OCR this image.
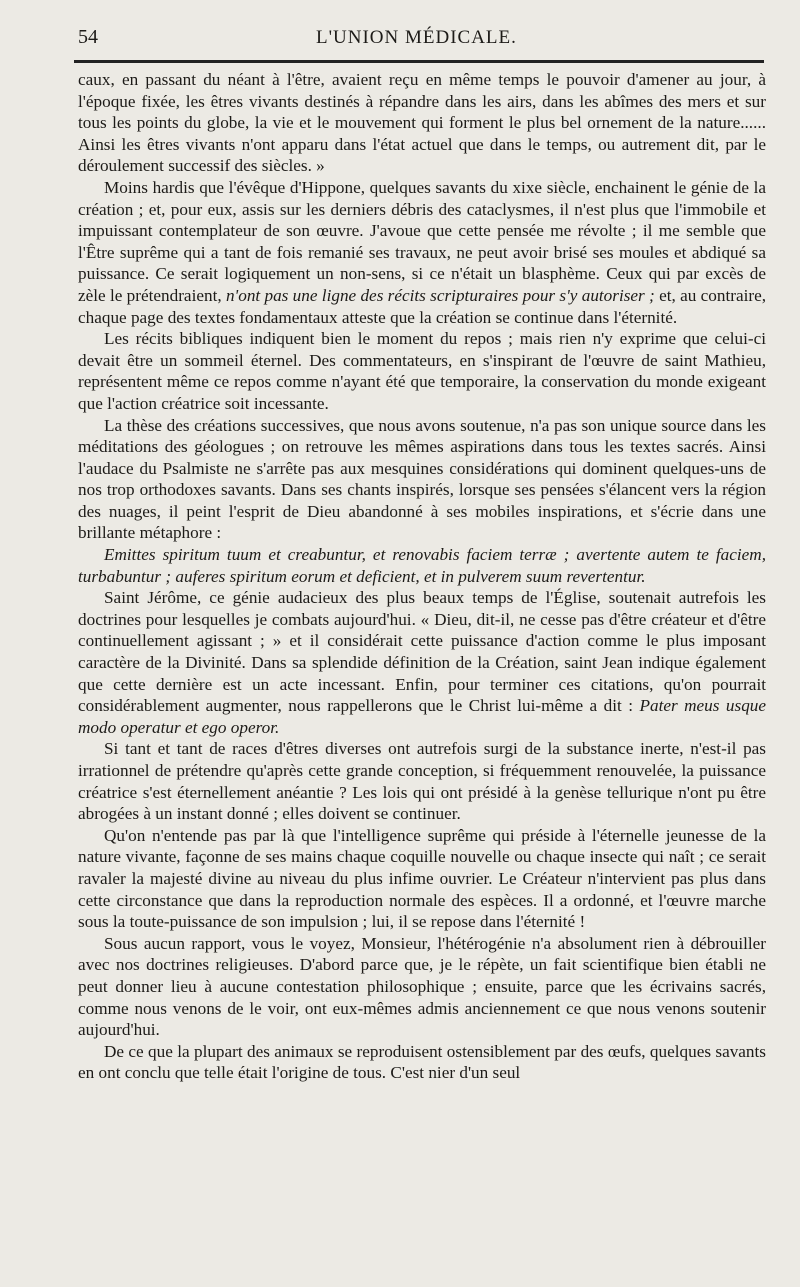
54	L'UNION MÉDICALE.

caux, en passant du néant à l'être, avaient reçu en même temps le pouvoir d'amener au jour, à l'époque fixée, les êtres vivants destinés à répandre dans les airs, dans les abîmes des mers et sur tous les points du globe, la vie et le mouvement qui forment le plus bel ornement de la nature...... Ainsi les êtres vivants n'ont apparu dans l'état actuel que dans le temps, ou autrement dit, par le déroulement successif des siècles. »

Moins hardis que l'évêque d'Hippone, quelques savants du xixe siècle, enchainent le génie de la création ; et, pour eux, assis sur les derniers débris des cataclysmes, il n'est plus que l'immobile et impuissant contemplateur de son œuvre. J'avoue que cette pensée me révolte ; il me semble que l'Être suprême qui a tant de fois remanié ses travaux, ne peut avoir brisé ses moules et abdiqué sa puissance. Ce serait logiquement un non-sens, si ce n'était un blasphème. Ceux qui par excès de zèle le prétendraient, n'ont pas une ligne des récits scripturaires pour s'y autoriser ; et, au contraire, chaque page des textes fondamentaux atteste que la création se continue dans l'éternité.

Les récits bibliques indiquent bien le moment du repos ; mais rien n'y exprime que celui-ci devait être un sommeil éternel. Des commentateurs, en s'inspirant de l'œuvre de saint Mathieu, représentent même ce repos comme n'ayant été que temporaire, la conservation du monde exigeant que l'action créatrice soit incessante.

La thèse des créations successives, que nous avons soutenue, n'a pas son unique source dans les méditations des géologues ; on retrouve les mêmes aspirations dans tous les textes sacrés. Ainsi l'audace du Psalmiste ne s'arrête pas aux mesquines considérations qui dominent quelques-uns de nos trop orthodoxes savants. Dans ses chants inspirés, lorsque ses pensées s'élancent vers la région des nuages, il peint l'esprit de Dieu abandonné à ses mobiles inspirations, et s'écrie dans une brillante métaphore :

Emittes spiritum tuum et creabuntur, et renovabis faciem terræ ; avertente autem te faciem, turbabuntur ; auferes spiritum eorum et deficient, et in pulverem suum revertentur.

Saint Jérôme, ce génie audacieux des plus beaux temps de l'Église, soutenait autrefois les doctrines pour lesquelles je combats aujourd'hui. « Dieu, dit-il, ne cesse pas d'être créateur et d'être continuellement agissant ; » et il considérait cette puissance d'action comme le plus imposant caractère de la Divinité. Dans sa splendide définition de la Création, saint Jean indique également que cette dernière est un acte incessant. Enfin, pour terminer ces citations, qu'on pourrait considérablement augmenter, nous rappellerons que le Christ lui-même a dit : Pater meus usque modo operatur et ego operor.

Si tant et tant de races d'êtres diverses ont autrefois surgi de la substance inerte, n'est-il pas irrationnel de prétendre qu'après cette grande conception, si fréquemment renouvelée, la puissance créatrice s'est éternellement anéantie ? Les lois qui ont présidé à la genèse tellurique n'ont pu être abrogées à un instant donné ; elles doivent se continuer.

Qu'on n'entende pas par là que l'intelligence suprême qui préside à l'éternelle jeunesse de la nature vivante, façonne de ses mains chaque coquille nouvelle ou chaque insecte qui naît ; ce serait ravaler la majesté divine au niveau du plus infime ouvrier. Le Créateur n'intervient pas plus dans cette circonstance que dans la reproduction normale des espèces. Il a ordonné, et l'œuvre marche sous la toute-puissance de son impulsion ; lui, il se repose dans l'éternité !

Sous aucun rapport, vous le voyez, Monsieur, l'hétérogénie n'a absolument rien à débrouiller avec nos doctrines religieuses. D'abord parce que, je le répète, un fait scientifique bien établi ne peut donner lieu à aucune contestation philosophique ; ensuite, parce que les écrivains sacrés, comme nous venons de le voir, ont eux-mêmes admis anciennement ce que nous venons soutenir aujourd'hui.

De ce que la plupart des animaux se reproduisent ostensiblement par des œufs, quelques savants en ont conclu que telle était l'origine de tous. C'est nier d'un seul
